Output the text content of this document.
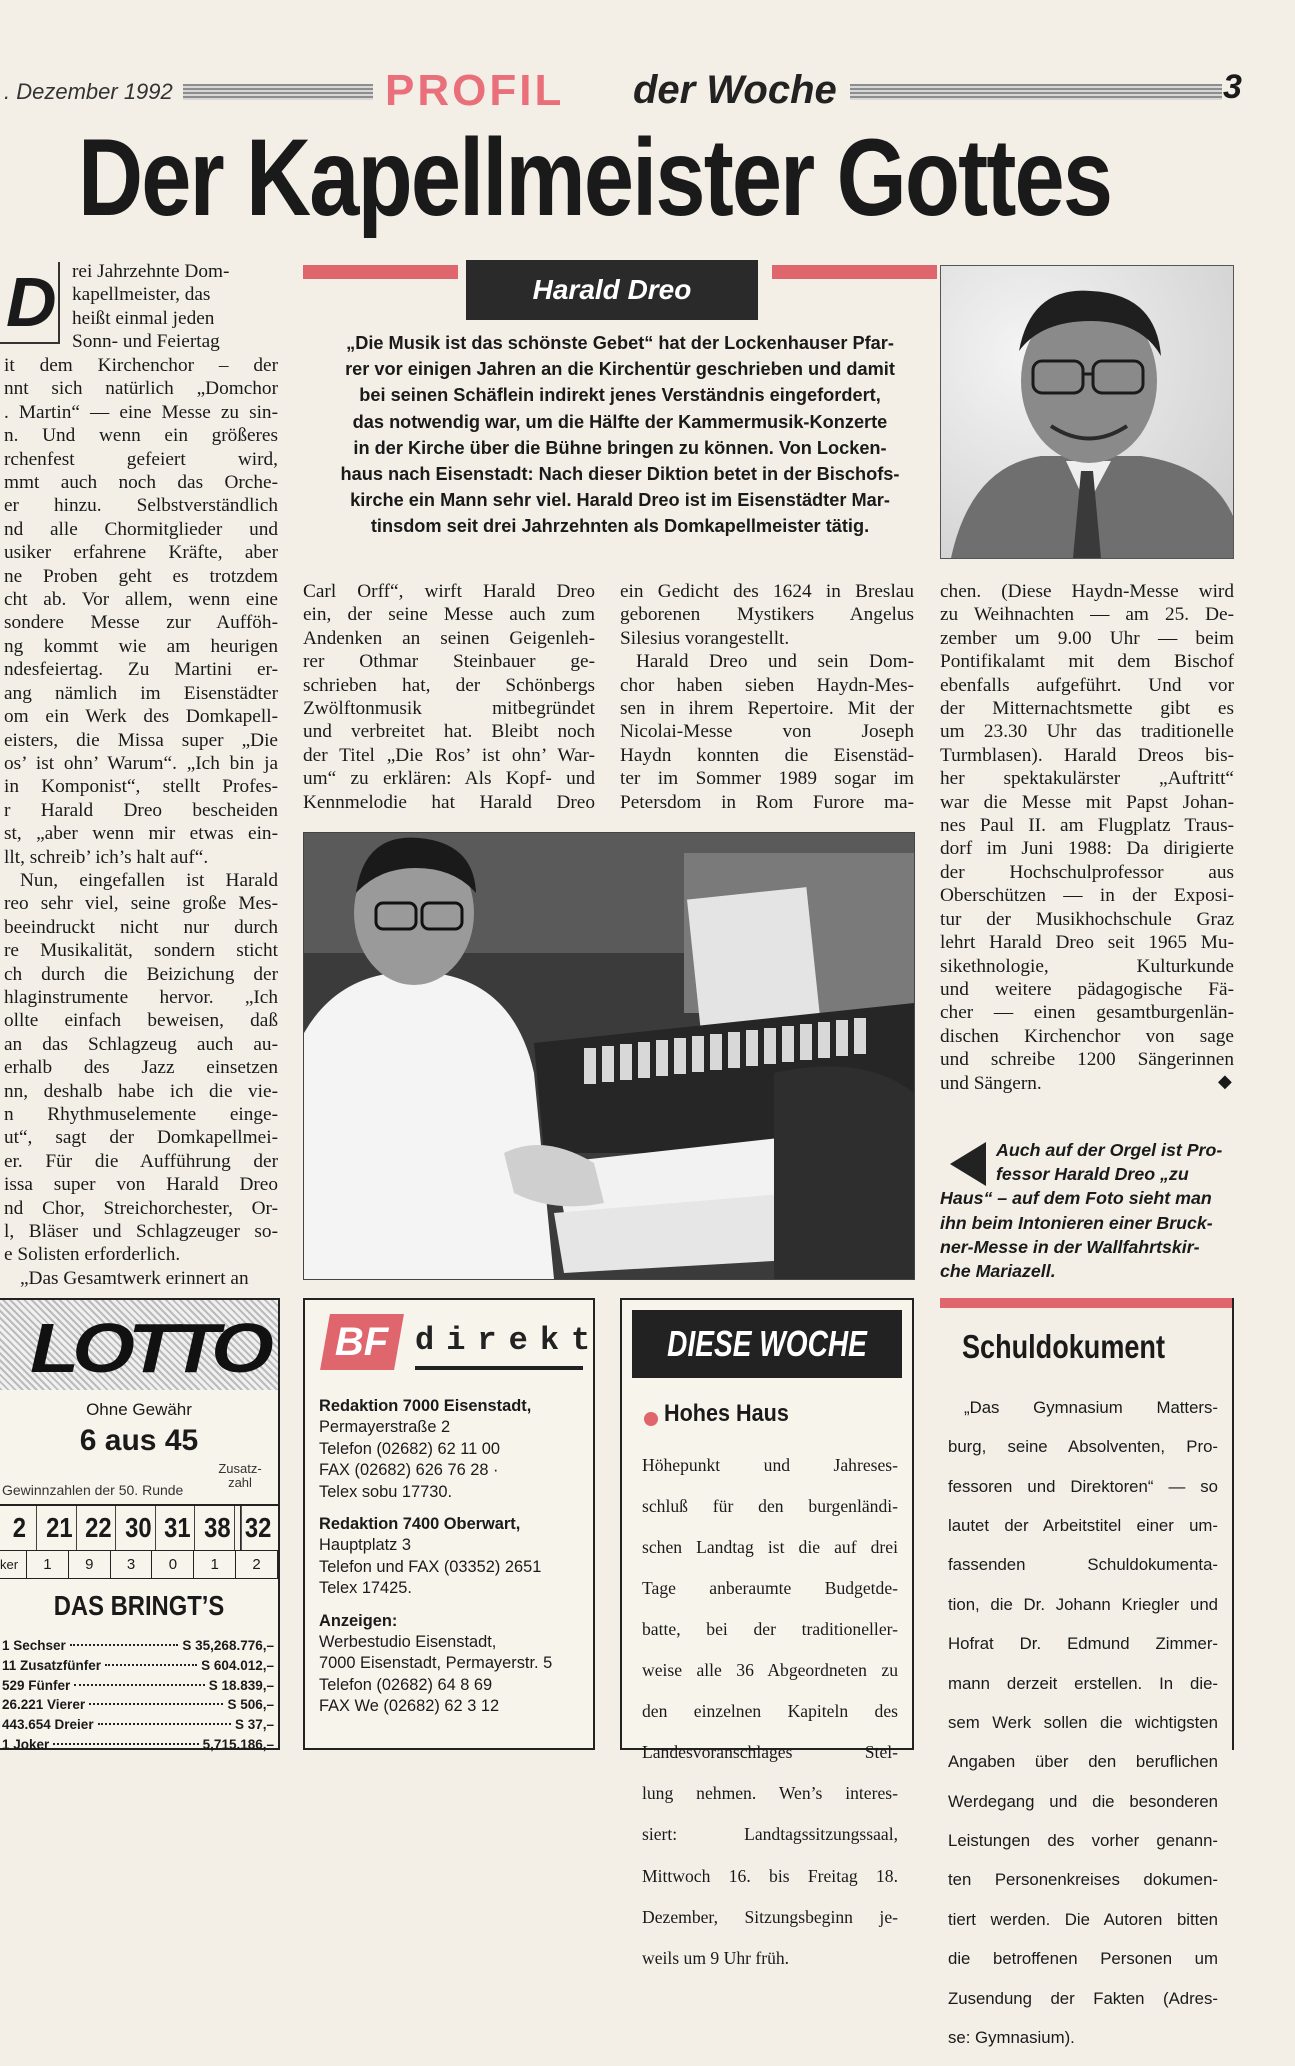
. Dezember 1992	PROFIL der Woche	3
Der Kapellmeister Gottes
Harald Dreo
„Die Musik ist das schönste Gebet“ hat der Lockenhauser Pfar-
rer vor einigen Jahren an die Kirchentür geschrieben und damit
bei seinen Schäflein indirekt jenes Verständnis eingefordert,
das notwendig war, um die Hälfte der Kammermusik-Konzerte
in der Kirche über die Bühne bringen zu können. Von Locken-
haus nach Eisenstadt: Nach dieser Diktion betet in der Bischofs-
kirche ein Mann sehr viel. Harald Dreo ist im Eisenstädter Mar-
tinsdom seit drei Jahrzehnten als Domkapellmeister tätig.
D rei Jahrzehnte Dom-

kapellmeister, das

heißt einmal jeden

Sonn- und Feiertag

it dem Kirchenchor – der

nnt sich natürlich „Domchor

. Martin“ — eine Messe zu sin-

n. Und wenn ein größeres

rchenfest gefeiert wird,

mmt auch noch das Orche-

er hinzu. Selbstverständlich

nd alle Chormitglieder und

usiker erfahrene Kräfte, aber

ne Proben geht es trotzdem

cht ab. Vor allem, wenn eine

sondere Messe zur Aufföh-

ng kommt wie am heurigen

ndesfeiertag. Zu Martini er-

ang nämlich im Eisenstädter

om ein Werk des Domkapell-

eisters, die Missa super „Die

os’ ist ohn’ Warum“. „Ich bin ja

in Komponist“, stellt Profes-

r Harald Dreo bescheiden

st, „aber wenn mir etwas ein-

llt, schreib’ ich’s halt auf“.

Nun, eingefallen ist Harald

reo sehr viel, seine große Mes-

beeindruckt nicht nur durch

re Musikalität, sondern sticht

ch durch die Beizichung der

hlaginstrumente hervor. „Ich

ollte einfach beweisen, daß

an das Schlagzeug auch au-

erhalb des Jazz einsetzen

nn, deshalb habe ich die vie-

n Rhythmuselemente einge-

ut“, sagt der Domkapellmei-

er. Für die Aufführung der

issa super von Harald Dreo

nd Chor, Streichorchester, Or-

l, Bläser und Schlagzeuger so-

e Solisten erforderlich.

„Das Gesamtwerk erinnert an

Carl Orff“, wirft Harald Dreo

ein, der seine Messe auch zum

Andenken an seinen Geigenleh-

rer Othmar Steinbauer ge-

schrieben hat, der Schönbergs

Zwölftonmusik mitbegründet

und verbreitet hat. Bleibt noch

der Titel „Die Ros’ ist ohn’ War-

um“ zu erklären: Als Kopf- und

Kennmelodie hat Harald Dreo

ein Gedicht des 1624 in Breslau

geborenen Mystikers Angelus

Silesius vorangestellt.

Harald Dreo und sein Dom-

chor haben sieben Haydn-Mes-

sen in ihrem Repertoire. Mit der

Nicolai-Messe von Joseph

Haydn konnten die Eisenstäd-

ter im Sommer 1989 sogar im

Petersdom in Rom Furore ma-

chen. (Diese Haydn-Messe wird

zu Weihnachten — am 25. De-

zember um 9.00 Uhr — beim

Pontifikalamt mit dem Bischof

ebenfalls aufgeführt. Und vor

der Mitternachtsmette gibt es

um 23.30 Uhr das traditionelle

Turmblasen). Harald Dreos bis-

her spektakulärster „Auftritt“

war die Messe mit Papst Johan-

nes Paul II. am Flugplatz Traus-

dorf im Juni 1988: Da dirigierte

der Hochschulprofessor aus

Oberschützen — in der Exposi-

tur der Musikhochschule Graz

lehrt Harald Dreo seit 1965 Mu-

sikethnologie, Kulturkunde

und weitere pädagogische Fä-

cher — einen gesamtburgenlän-

dischen Kirchenchor von sage

und schreibe 1200 Sängerinnen

und Sängern.	◆
Auch auf der Orgel ist Pro-
fessor Harald Dreo „zu
Haus“ – auf dem Foto sieht man
ihn beim Intonieren einer Bruck-
ner-Messe in der Wallfahrtskir-
che Mariazell.
LOTTO
Ohne Gewähr
6 aus 45
Zusatz-
zahl
Gewinnzahlen der 50. Runde
2 21 22 30 31 38 32
ker	1	9	3	0	1	2
DAS BRINGT’S
1 Sechser	S 35,268.776,–
11 Zusatzfünfer	S 604.012,–
529 Fünfer	S 18.839,–
26.221 Vierer	S 506,–
443.654 Dreier	S 37,–
1 Joker	5,715.186,–
BF direkt
Redaktion 7000 Eisenstadt,
Permayerstraße 2
Telefon (02682) 62 11 00
FAX (02682) 626 76 28 ·
Telex sobu 17730.
Redaktion 7400 Oberwart,
Hauptplatz 3
Telefon und FAX (03352) 2651
Telex 17425.
Anzeigen:
Werbestudio Eisenstadt,
7000 Eisenstadt, Permayerstr. 5
Telefon (02682) 64 8 69
FAX We (02682) 62 3 12
DIESE WOCHE
Hohes Haus

Höhepunkt und Jahreses-

schluß für den burgenländi-

schen Landtag ist die auf drei

Tage anberaumte Budgetde-

batte, bei der traditioneller-

weise alle 36 Abgeordneten zu

den einzelnen Kapiteln des

Landesvoranschlages Stel-

lung nehmen. Wen’s interes-

siert: Landtagssitzungssaal,

Mittwoch 16. bis Freitag 18.

Dezember, Sitzungsbeginn je-

weils um 9 Uhr früh.

Schuldokument

„Das Gymnasium Matters-

burg, seine Absolventen, Pro-

fessoren und Direktoren“ — so

lautet der Arbeitstitel einer um-

fassenden Schuldokumenta-

tion, die Dr. Johann Kriegler und

Hofrat Dr. Edmund Zimmer-

mann derzeit erstellen. In die-

sem Werk sollen die wichtigsten

Angaben über den beruflichen

Werdegang und die besonderen

Leistungen des vorher genann-

ten Personenkreises dokumen-

tiert werden. Die Autoren bitten

die betroffenen Personen um

Zusendung der Fakten (Adres-

se: Gymnasium).
